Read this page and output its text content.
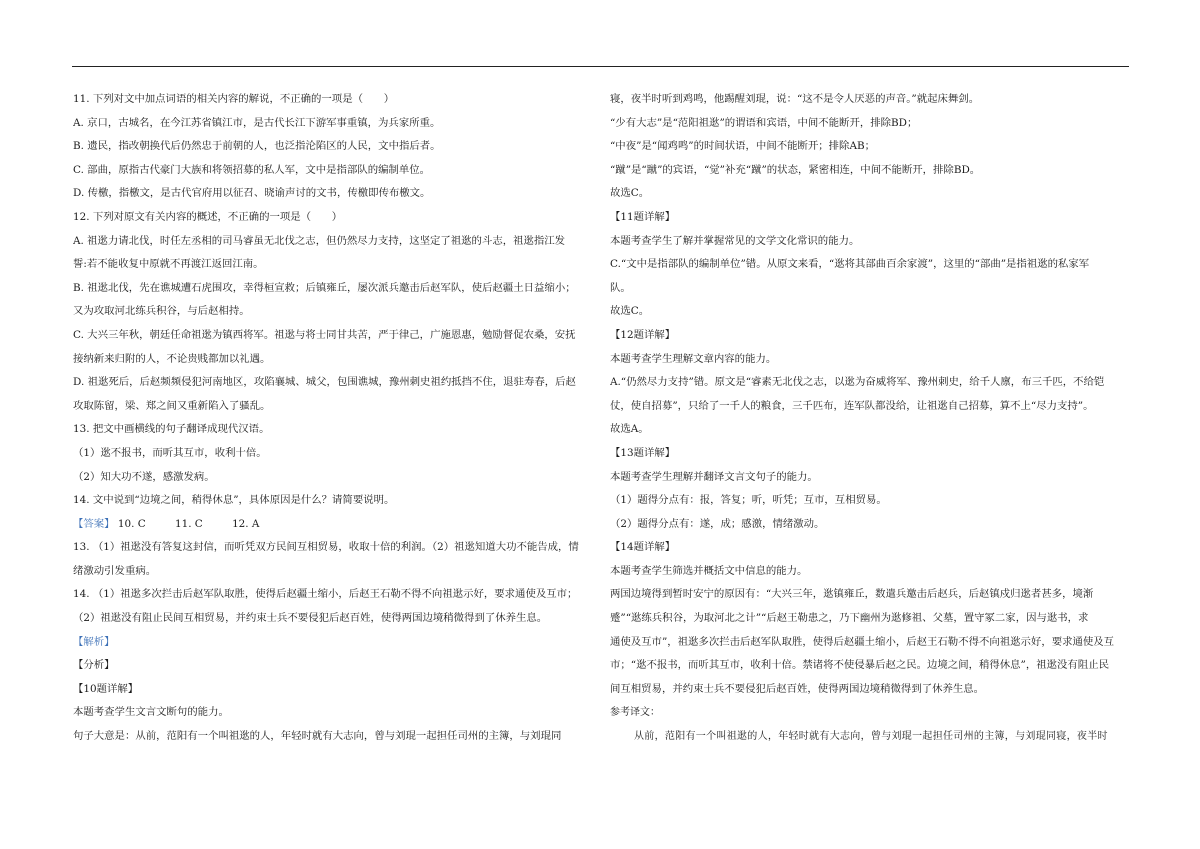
11. 下列对文中加点词语的相关内容的解说，不正确的一项是（　　）
A. 京口，古城名，在今江苏省镇江市，是古代长江下游军事重镇，为兵家所重。
B. 遗民，指改朝换代后仍然忠于前朝的人，也泛指沦陷区的人民，文中指后者。
C. 部曲，原指古代豪门大族和将领招募的私人军，文中是指部队的编制单位。
D. 传檄，指檄文，是古代官府用以征召、晓谕声讨的文书，传檄即传布檄文。
12. 下列对原文有关内容的概述，不正确的一项是（　　）
A. 祖逖力请北伐，时任左丞相的司马睿虽无北伐之志，但仍然尽力支持，这坚定了祖逖的斗志，祖逖指江发
誓:若不能收复中原就不再渡江返回江南。
B. 祖逖北伐，先在谯城遭石虎围攻，幸得桓宣救；后镇雍丘，屡次派兵邀击后赵军队，使后赵疆土日益缩小；
又为攻取河北练兵积谷，与后赵相持。
C. 大兴三年秋，朝廷任命祖逖为镇西将军。祖逖与将士同甘共苦，严于律己，广施恩惠，勉励督促农桑，安抚
接纳新来归附的人，不论贵贱都加以礼遇。
D. 祖逖死后，后赵频频侵犯河南地区，攻陷襄城、城父，包围谯城，豫州刺史祖约抵挡不住，退驻寿春，后赵
攻取陈留，梁、郑之间又重新陷入了骚乱。
13. 把文中画横线的句子翻译成现代汉语。
（1）逖不报书，而听其互市，收利十倍。
（2）知大功不遂，感激发病。
14. 文中说到“边境之间，稍得休息”，具体原因是什么？请简要说明。
【答案】 10. C	11. C	12. A
13. （1）祖逖没有答复这封信，而听凭双方民间互相贸易，收取十倍的利润。（2）祖逖知道大功不能告成，情
绪激动引发重病。
14. （1）祖逖多次拦击后赵军队取胜，使得后赵疆土缩小，后赵王石勒不得不向祖逖示好，要求通使及互市；
（2）祖逖没有阻止民间互相贸易，并约束士兵不要侵犯后赵百姓，使得两国边境稍微得到了休养生息。
【解析】
【分析】
【10题详解】
本题考查学生文言文断句的能力。
句子大意是：从前，范阳有一个叫祖逖的人，年轻时就有大志向，曾与刘琨一起担任司州的主簿，与刘琨同
寝，夜半时听到鸡鸣，他踢醒刘琨，说：“这不是令人厌恶的声音。”就起床舞剑。
“少有大志”是“范阳祖逖”的谓语和宾语，中间不能断开，排除BD；
“中夜”是“闻鸡鸣”的时间状语，中间不能断开；排除AB；
“蹴”是“蹴”的宾语，“觉”补充“蹴”的状态，紧密相连，中间不能断开，排除BD。
故选C。
【11题详解】
本题考查学生了解并掌握常见的文学文化常识的能力。
C.“文中是指部队的编制单位”错。从原文来看，“逖将其部曲百余家渡”，这里的“部曲”是指祖逖的私家军
队。
故选C。
【12题详解】
本题考查学生理解文章内容的能力。
A.“仍然尽力支持”错。原文是“睿素无北伐之志，以逖为奋威将军、豫州刺史，给千人廪，布三千匹，不给铠
仗，使自招募”，只给了一千人的粮食，三千匹布，连军队都没给，让祖逖自己招募，算不上“尽力支持”。
故选A。
【13题详解】
本题考查学生理解并翻译文言文句子的能力。
（1）题得分点有：报，答复；听，听凭；互市，互相贸易。
（2）题得分点有：遂，成；感激，情绪激动。
【14题详解】
本题考查学生筛选并概括文中信息的能力。
两国边境得到暂时安宁的原因有：“大兴三年，逖镇雍丘，数遣兵邀击后赵兵，后赵镇戍归逖者甚多，境渐
蹙”“逖练兵积谷，为取河北之计”“后赵王勒患之，乃下幽州为逖修祖、父墓，置守冢二家，因与逖书，求
通使及互市”，祖逖多次拦击后赵军队取胜，使得后赵疆土缩小，后赵王石勒不得不向祖逖示好，要求通使及互
市；“逖不报书，而听其互市，收利十倍。禁诸将不使侵暴后赵之民。边境之间，稍得休息”，祖逖没有阻止民
间互相贸易，并约束士兵不要侵犯后赵百姓，使得两国边境稍微得到了休养生息。
参考译文：
从前，范阳有一个叫祖逖的人，年轻时就有大志向，曾与刘琨一起担任司州的主簿，与刘琨同寝，夜半时
